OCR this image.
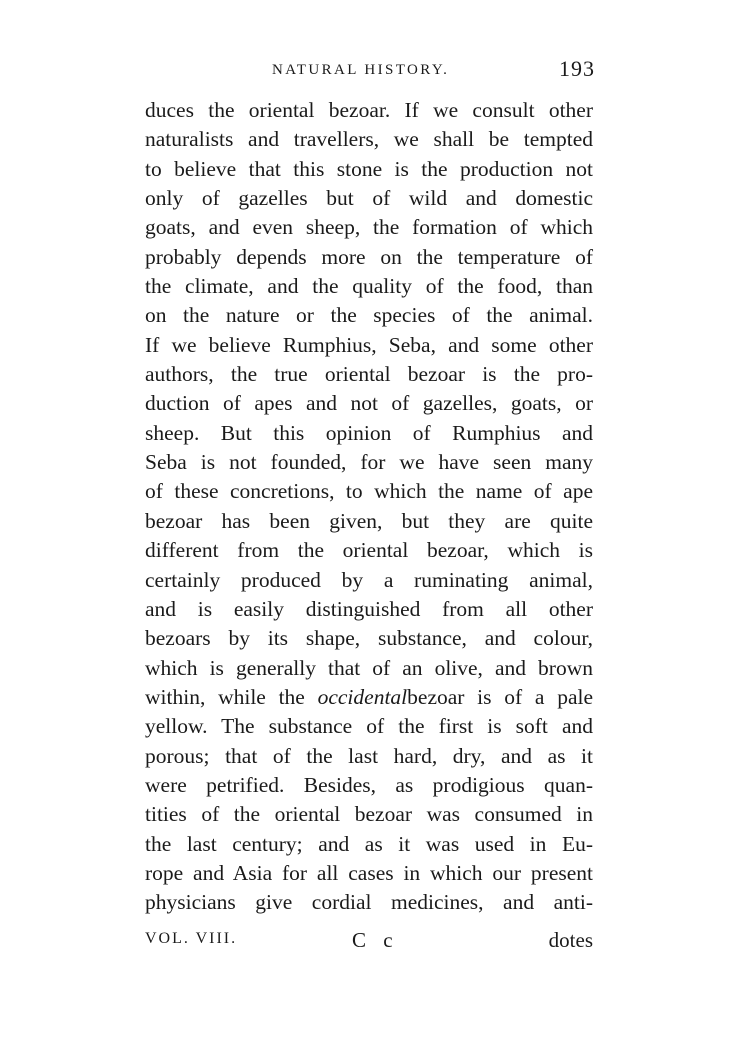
NATURAL HISTORY.	193
duces the oriental bezoar. If we consult other
naturalists and travellers, we shall be tempted
to believe that this stone is the production not
only of gazelles but of wild and domestic
goats, and even sheep, the formation of which
probably depends more on the temperature of
the climate, and the quality of the food, than
on the nature or the species of the animal.
If we believe Rumphius, Seba, and some other
authors, the true oriental bezoar is the pro-
duction of apes and not of gazelles, goats, or
sheep. But this opinion of Rumphius and
Seba is not founded, for we have seen many
of these concretions, to which the name of ape
bezoar has been given, but they are quite
different from the oriental bezoar, which is
certainly produced by a ruminating animal,
and is easily distinguished from all other
bezoars by its shape, substance, and colour,
which is generally that of an olive, and brown
within, while the occidentalbezoar is of a pale
yellow. The substance of the first is soft and
porous; that of the last hard, dry, and as it
were petrified. Besides, as prodigious quan-
tities of the oriental bezoar was consumed in
the last century; and as it was used in Eu-
rope and Asia for all cases in which our present
physicians give cordial medicines, and anti-
VOL. VIII.	C c	dotes
